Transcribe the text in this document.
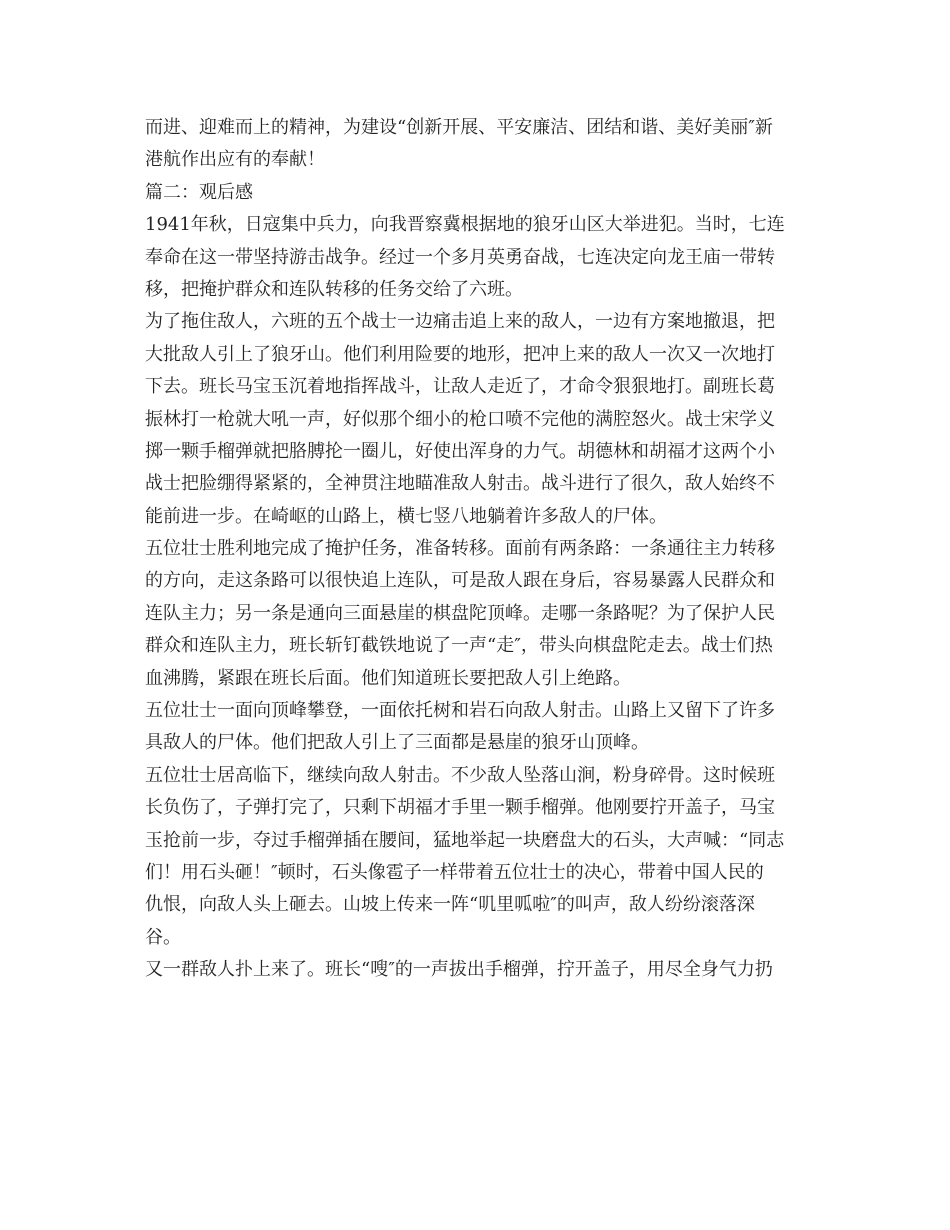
而进、迎难而上的精神，为建设“创新开展、平安廉洁、团结和谐、美好美丽″新
港航作出应有的奉献！
篇二：观后感
1941年秋，日寇集中兵力，向我晋察冀根据地的狼牙山区大举进犯。当时，七连
奉命在这一带坚持游击战争。经过一个多月英勇奋战，七连决定向龙王庙一带转
移，把掩护群众和连队转移的任务交给了六班。
为了拖住敌人，六班的五个战士一边痛击追上来的敌人，一边有方案地撤退，把
大批敌人引上了狼牙山。他们利用险要的地形，把冲上来的敌人一次又一次地打
下去。班长马宝玉沉着地指挥战斗，让敌人走近了，才命令狠狠地打。副班长葛
振林打一枪就大吼一声，好似那个细小的枪口喷不完他的满腔怒火。战士宋学义
掷一颗手榴弹就把胳膊抡一圈儿，好使出浑身的力气。胡德林和胡福才这两个小
战士把脸绷得紧紧的，全神贯注地瞄准敌人射击。战斗进行了很久，敌人始终不
能前进一步。在崎岖的山路上，横七竖八地躺着许多敌人的尸体。
五位壮士胜利地完成了掩护任务，准备转移。面前有两条路：一条通往主力转移
的方向，走这条路可以很快追上连队，可是敌人跟在身后，容易暴露人民群众和
连队主力；另一条是通向三面悬崖的棋盘陀顶峰。走哪一条路呢？为了保护人民
群众和连队主力，班长斩钉截铁地说了一声“走″，带头向棋盘陀走去。战士们热
血沸腾，紧跟在班长后面。他们知道班长要把敌人引上绝路。
五位壮士一面向顶峰攀登，一面依托树和岩石向敌人射击。山路上又留下了许多
具敌人的尸体。他们把敌人引上了三面都是悬崖的狼牙山顶峰。
五位壮士居高临下，继续向敌人射击。不少敌人坠落山涧，粉身碎骨。这时候班
长负伤了，子弹打完了，只剩下胡福才手里一颗手榴弹。他刚要拧开盖子，马宝
玉抢前一步，夺过手榴弹插在腰间，猛地举起一块磨盘大的石头，大声喊：“同志
们！用石头砸！″顿时，石头像雹子一样带着五位壮士的决心，带着中国人民的
仇恨，向敌人头上砸去。山坡上传来一阵“叽里呱啦″的叫声，敌人纷纷滚落深
谷。
又一群敌人扑上来了。班长“嗖″的一声拔出手榴弹，拧开盖子，用尽全身气力扔
